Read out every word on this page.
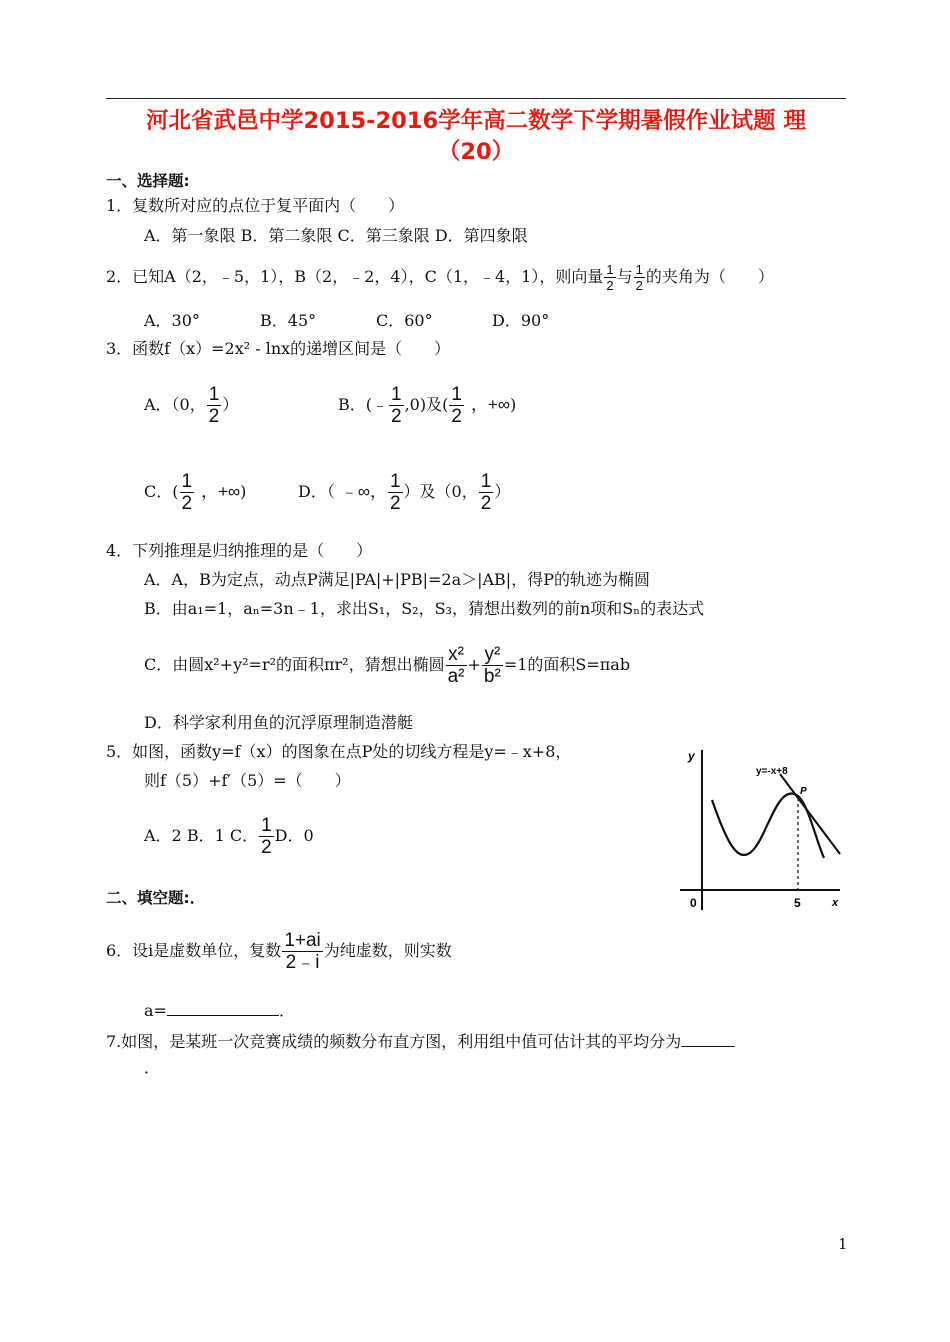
河北省武邑中学2015-2016学年高二数学下学期暑假作业试题 理
（20）
一、选择题:
1．复数所对应的点位于复平面内（　　）
A．第一象限 B．第二象限 C．第三象限 D．第四象限
2．已知A（2，﹣5，1），B（2，﹣2，4），C（1，﹣4，1），则向量 $\frac{1}{2}$ 与 $\frac{1}{2}$ 的夹角为（　　）
A．30°	B．45°	C．60°	D．90°
3．函数f（x）=2x² - lnx的递增区间是（　　）
A．（0， $\frac{1}{2}$ ）	B．(﹣ $\frac{1}{2} ,0$)及( $\frac{1}{2}$ ，+∞)
C．( $\frac{1}{2}$ ，+∞)	D．（ ﹣∞， $\frac{1}{2}$ ）及（0， $\frac{1}{2}$ ）
4．下列推理是归纳推理的是（　　）
A．A，B为定点，动点P满足|PA|+|PB|=2a＞|AB|，得P的轨迹为椭圆
B．由a₁=1，aₙ=3n﹣1，求出S₁，S₂，S₃，猜想出数列的前n项和Sₙ的表达式
C．由圆x²+y²=r²的面积πr²，猜想出椭圆 $\frac{\text{x²}}{\text{a²}} + \frac{\text{y²}}{\text{b²}} =1$的面积S=πab
D．科学家利用鱼的沉浮原理制造潜艇
5．如图，函数y=f（x）的图象在点P处的切线方程是y=﹣x+8，
则f（5）+f′（5）=（　　）
A．2 B．1 C． $\frac{1}{2}$ D．0
y
x
0	5
y=-x+8
P
二、填空题:．
6．设i是虚数单位，复数 $\frac{1+ai}{2﹣i}$ 为纯虚数，则实数
a=	．
7.如图，是某班一次竞赛成绩的频数分布直方图，利用组中值可估计其的平均分为
．
1
